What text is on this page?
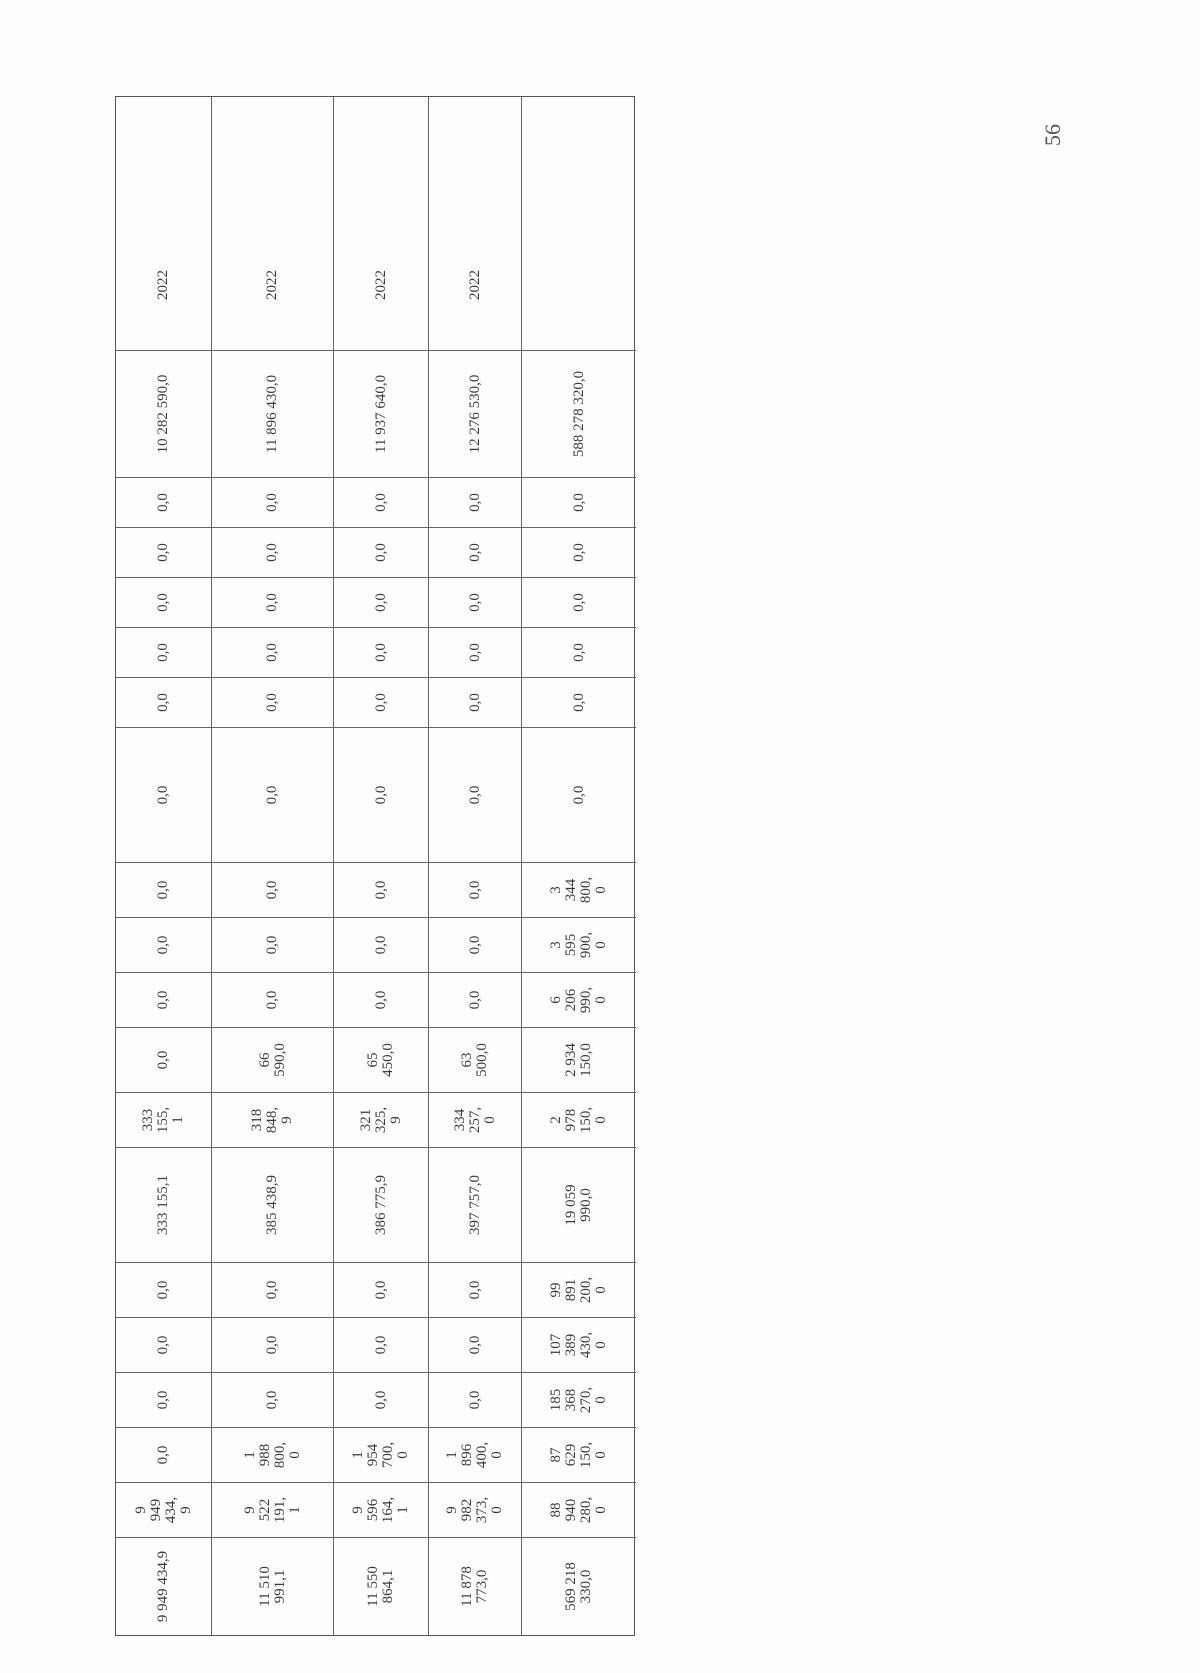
56
9 949 434,9
9
949
434,
9
0,0
0,0
0,0
0,0
333 155,1
333
155,
1
0,0
0,0
0,0
0,0
0,0
0,0
0,0
0,0
0,0
0,0
10 282 590,0
2022
11 510
991,1
9
522
191,
1
1
988
800,
0
0,0
0,0
0,0
385 438,9
318
848,
9
66
590,0
0,0
0,0
0,0
0,0
0,0
0,0
0,0
0,0
0,0
11 896 430,0
2022
11 550
864,1
9
596
164,
1
1
954
700,
0
0,0
0,0
0,0
386 775,9
321
325,
9
65
450,0
0,0
0,0
0,0
0,0
0,0
0,0
0,0
0,0
0,0
11 937 640,0
2022
11 878
773,0
9
982
373,
0
1
896
400,
0
0,0
0,0
0,0
397 757,0
334
257,
0
63
500,0
0,0
0,0
0,0
0,0
0,0
0,0
0,0
0,0
0,0
12 276 530,0
2022
569 218
330,0
88
940
280,
0
87
629
150,
0
185
368
270,
0
107
389
430,
0
99
891
200,
0
19 059
990,0
2
978
150,
0
2 934
150,0
6
206
990,
0
3
595
900,
0
3
344
800,
0
0,0
0,0
0,0
0,0
0,0
0,0
588 278 320,0
